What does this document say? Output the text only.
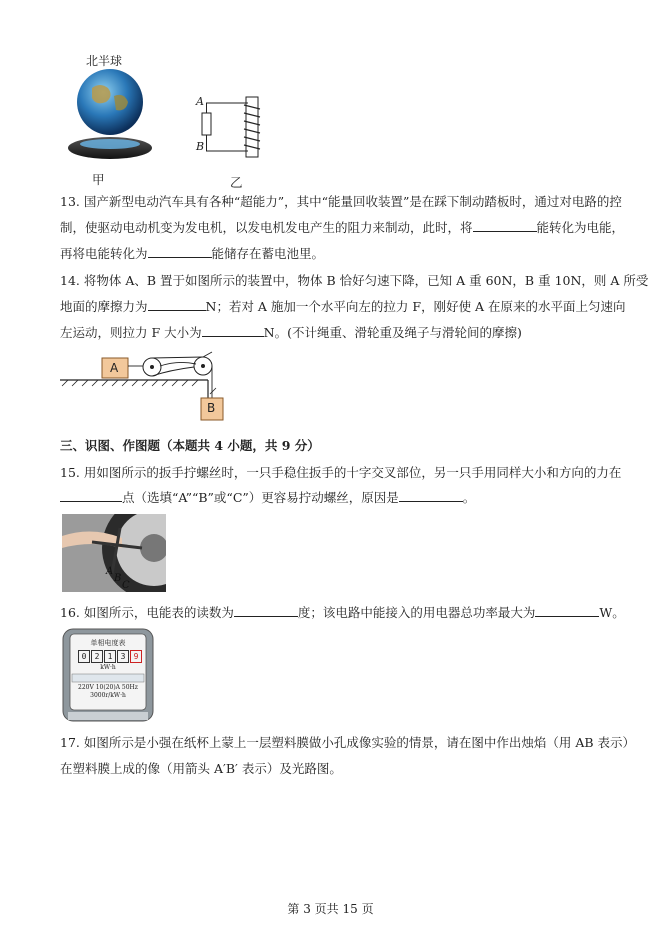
北半球
甲
A
B
乙
13. 国产新型电动汽车具有各种“超能力”，其中“能量回收装置”是在踩下制动踏板时，通过对电路的控
制，使驱动电动机变为发电机，以发电机发电产生的阻力来制动，此时，将	能转化为电能，
再将电能转化为	能储存在蓄电池里。
14. 将物体 A、B 置于如图所示的装置中，物体 B 恰好匀速下降，已知 A 重 60N，B 重 10N，则 A 所受
地面的摩擦力为	N；若对 A 施加一个水平向左的拉力 F，刚好使 A 在原来的水平面上匀速向
左运动，则拉力 F 大小为	N。(不计绳重、滑轮重及绳子与滑轮间的摩擦)
A
B
三、识图、作图题（本题共 4 小题，共 9 分）
15. 用如图所示的扳手拧螺丝时，一只手稳住扳手的十字交叉部位，另一只手用同样大小和方向的力在
点（选填“A”“B”或“C”）更容易拧动螺丝，原因是	。
A
B
C
16. 如图所示，电能表的读数为	度；该电路中能接入的用电器总功率最大为	W。
单相电度表
0	2	1	3	9
kW·h
220V 10(20)A 50Hz
3000r/kW·h
17. 如图所示是小强在纸杯上蒙上一层塑料膜做小孔成像实验的情景，请在图中作出烛焰（用 AB 表示）
在塑料膜上成的像（用箭头 A′B′ 表示）及光路图。
第 3 页共 15 页
